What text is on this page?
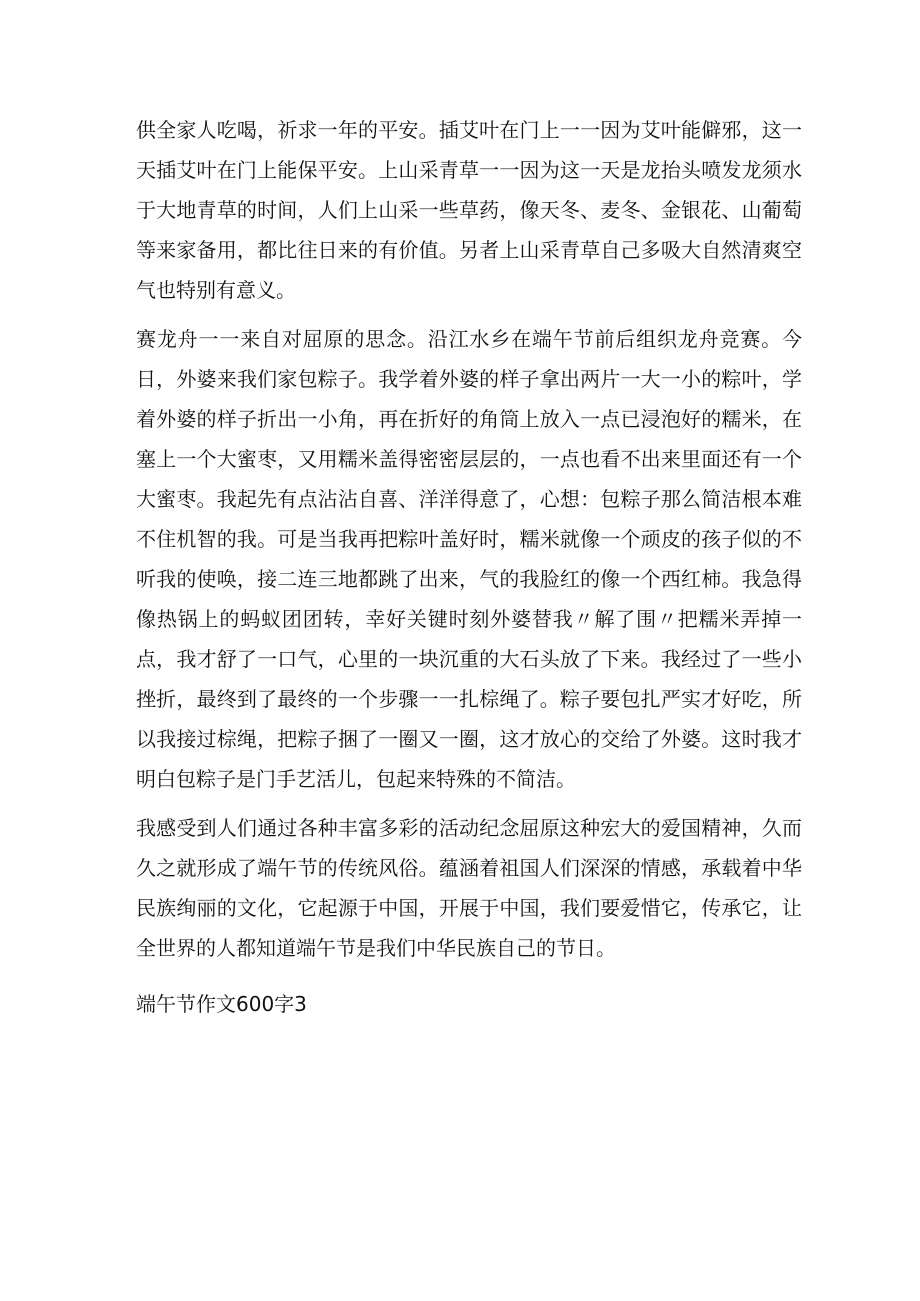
供全家人吃喝，祈求一年的平安。插艾叶在门上一一因为艾叶能僻邪，这一天插艾叶在门上能保平安。上山采青草一一因为这一天是龙抬头喷发龙须水于大地青草的时间，人们上山采一些草药，像天冬、麦冬、金银花、山葡萄等来家备用，都比往日来的有价值。另者上山采青草自己多吸大自然清爽空气也特别有意义。

赛龙舟一一来自对屈原的思念。沿江水乡在端午节前后组织龙舟竞赛。今日，外婆来我们家包粽子。我学着外婆的样子拿出两片一大一小的粽叶，学着外婆的样子折出一小角，再在折好的角筒上放入一点已浸泡好的糯米，在塞上一个大蜜枣，又用糯米盖得密密层层的，一点也看不出来里面还有一个大蜜枣。我起先有点沾沾自喜、洋洋得意了，心想：包粽子那么简洁根本难不住机智的我。可是当我再把粽叶盖好时，糯米就像一个顽皮的孩子似的不听我的使唤，接二连三地都跳了出来，气的我脸红的像一个西红柿。我急得像热锅上的蚂蚁团团转，幸好关键时刻外婆替我〃解了围〃把糯米弄掉一点，我才舒了一口气，心里的一块沉重的大石头放了下来。我经过了一些小挫折，最终到了最终的一个步骤一一扎棕绳了。粽子要包扎严实才好吃，所以我接过棕绳，把粽子捆了一圈又一圈，这才放心的交给了外婆。这时我才明白包粽子是门手艺活儿，包起来特殊的不简洁。

我感受到人们通过各种丰富多彩的活动纪念屈原这种宏大的爱国精神，久而久之就形成了端午节的传统风俗。蕴涵着祖国人们深深的情感，承载着中华民族绚丽的文化，它起源于中国，开展于中国，我们要爱惜它，传承它，让全世界的人都知道端午节是我们中华民族自己的节日。

端午节作文600字3
